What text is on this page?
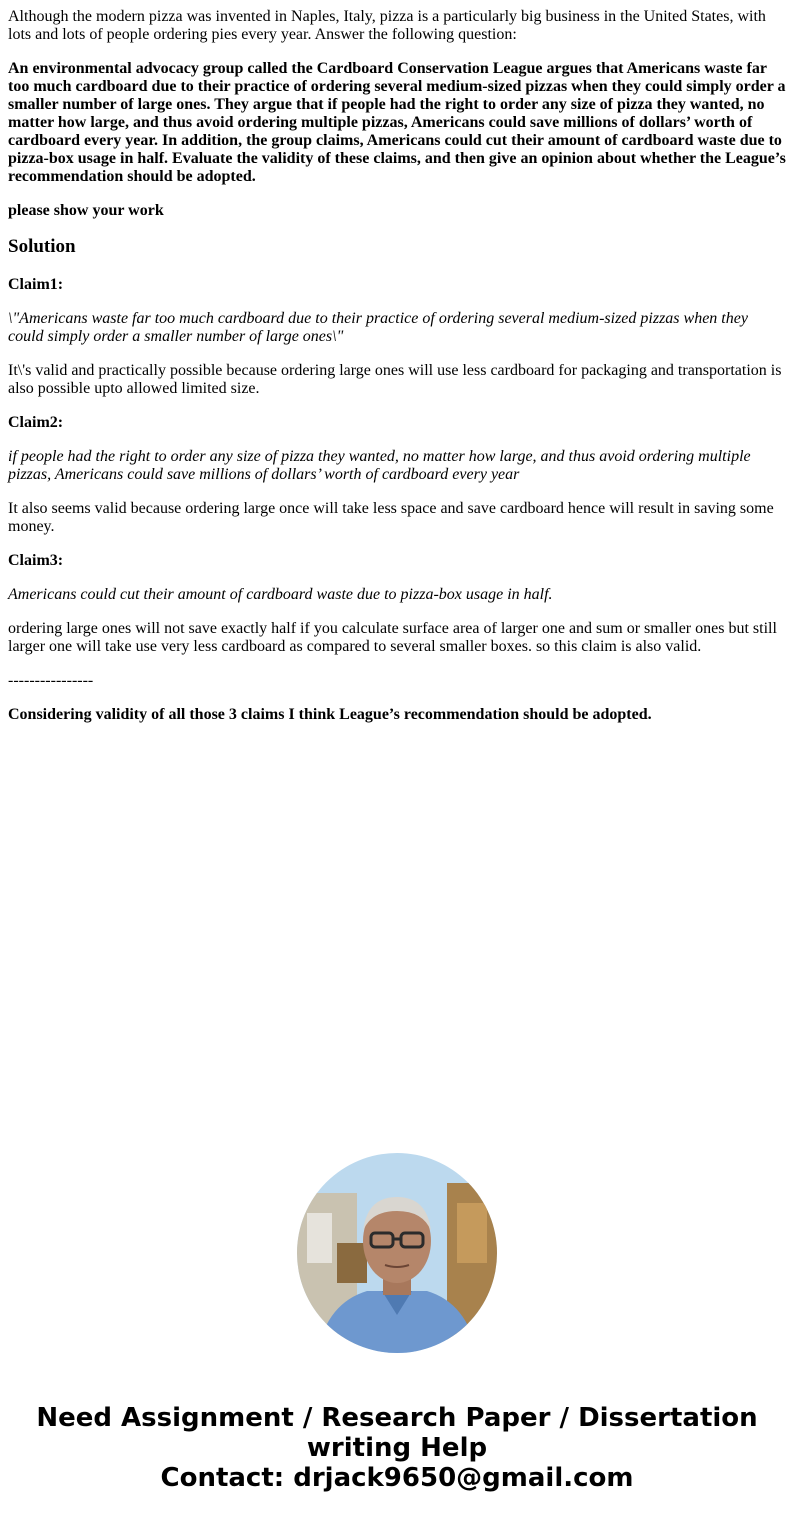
Although the modern pizza was invented in Naples, Italy, pizza is a particularly big business in the United States, with lots and lots of people ordering pies every year. Answer the following question:

An environmental advocacy group called the Cardboard Conservation League argues that Americans waste far too much cardboard due to their practice of ordering several medium-sized pizzas when they could simply order a smaller number of large ones. They argue that if people had the right to order any size of pizza they wanted, no matter how large, and thus avoid ordering multiple pizzas, Americans could save millions of dollars’ worth of cardboard every year. In addition, the group claims, Americans could cut their amount of cardboard waste due to pizza-box usage in half. Evaluate the validity of these claims, and then give an opinion about whether the League’s recommendation should be adopted.

please show your work

Solution

Claim1:

\"Americans waste far too much cardboard due to their practice of ordering several medium-sized pizzas when they could simply order a smaller number of large ones\"

It\'s valid and practically possible because ordering large ones will use less cardboard for packaging and transportation is also possible upto allowed limited size.

Claim2:

if people had the right to order any size of pizza they wanted, no matter how large, and thus avoid ordering multiple pizzas, Americans could save millions of dollars’ worth of cardboard every year

It also seems valid because ordering large once will take less space and save cardboard hence will result in saving some money.

Claim3:

Americans could cut their amount of cardboard waste due to pizza-box usage in half.

ordering large ones will not save exactly half if you calculate surface area of larger one and sum or smaller ones but still larger one will take use very less cardboard as compared to several smaller boxes. so this claim is also valid.

----------------

Considering validity of all those 3 claims I think League’s recommendation should be adopted.

Need Assignment / Research Paper / Dissertation writing Help
Contact: drjack9650@gmail.com
